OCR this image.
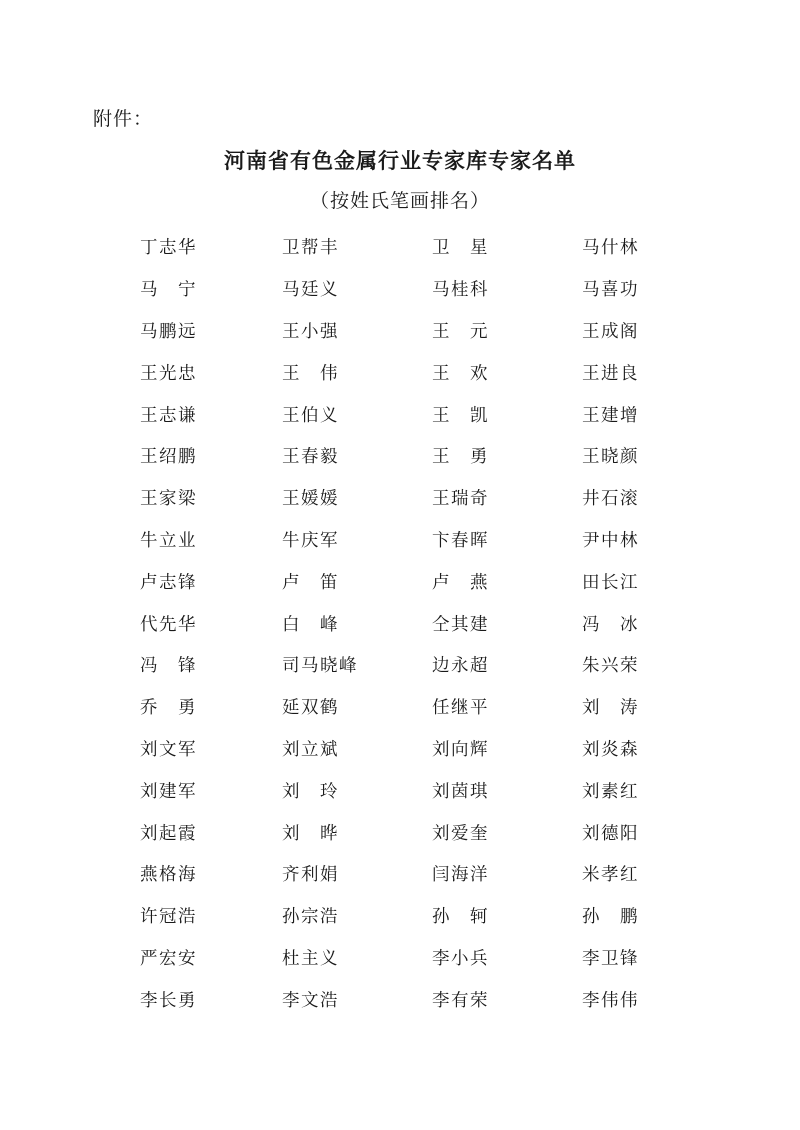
附件：
河南省有色金属行业专家库专家名单
（按姓氏笔画排名）
丁志华	卫帮丰	卫　星	马什林
马　宁	马廷义	马桂科	马喜功
马鹏远	王小强	王　元	王成阁
王光忠	王　伟	王　欢	王进良
王志谦	王伯义	王　凯	王建增
王绍鹏	王春毅	王　勇	王晓颜
王家梁	王媛媛	王瑞奇	井石滚
牛立业	牛庆军	卞春晖	尹中林
卢志锋	卢　笛	卢　燕	田长江
代先华	白　峰	仝其建	冯　冰
冯　锋	司马晓峰	边永超	朱兴荣
乔　勇	延双鹤	任继平	刘　涛
刘文军	刘立斌	刘向辉	刘炎森
刘建军	刘　玲	刘茵琪	刘素红
刘起霞	刘　晔	刘爱奎	刘德阳
燕格海	齐利娟	闫海洋	米孝红
许冠浩	孙宗浩	孙　轲	孙　鹏
严宏安	杜主义	李小兵	李卫锋
李长勇	李文浩	李有荣	李伟伟
